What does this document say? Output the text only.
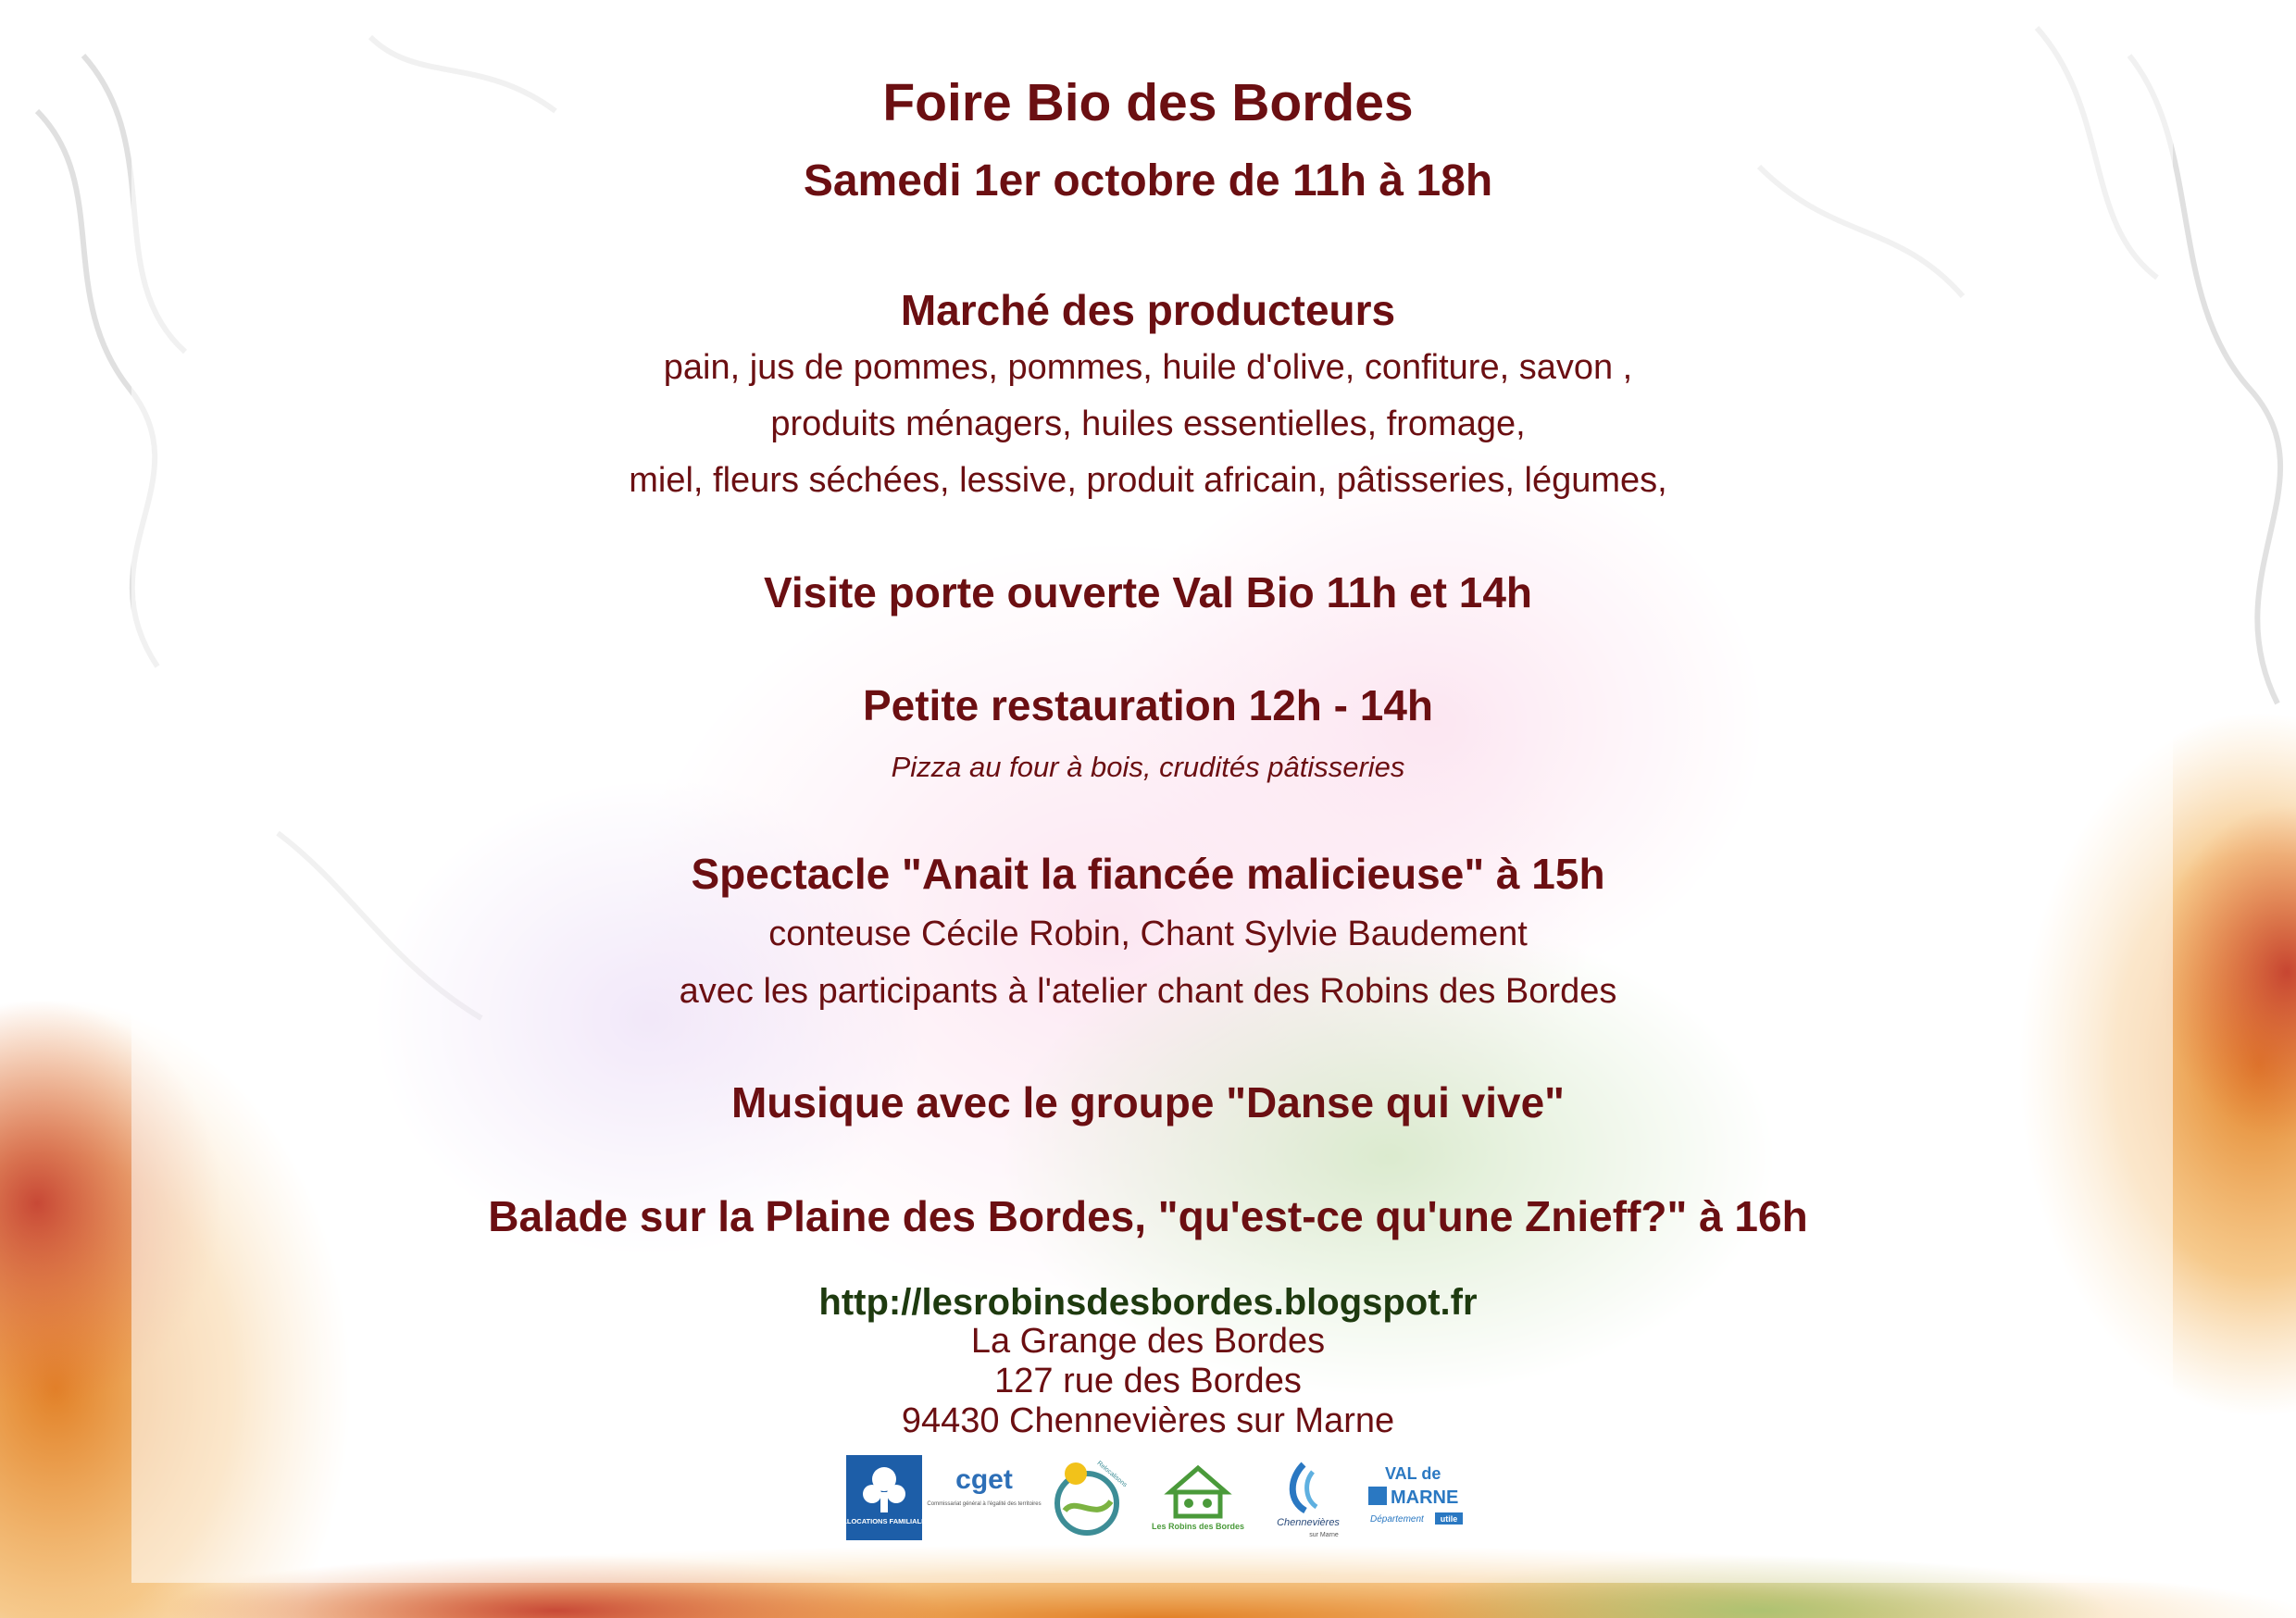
Foire Bio des Bordes
Samedi 1er octobre de 11h à 18h
Marché des producteurs
pain, jus de pommes, pommes, huile d'olive, confiture, savon ,
produits ménagers, huiles essentielles, fromage,
miel, fleurs séchées, lessive, produit africain, pâtisseries, légumes,
Visite porte ouverte Val Bio 11h et 14h
Petite restauration 12h - 14h
Pizza au four à bois, crudités pâtisseries
Spectacle "Anait la fiancée malicieuse" à 15h
conteuse Cécile Robin, Chant Sylvie Baudement
avec les participants à l'atelier chant des Robins des Bordes
Musique avec le groupe "Danse qui vive"
Balade sur la Plaine des Bordes, "qu'est-ce qu'une Znieff?" à 16h
http://lesrobinsdesbordes.blogspot.fr
La Grange des Bordes
127 rue des Bordes
94430 Chennevières sur Marne
ALLOCATIONS FAMILIALES
cget
Commissariat général à l'égalité des territoires
Relocalisons
Les Robins des Bordes	Chennevières
sur Marne
VAL de
MARNE
Département utile
